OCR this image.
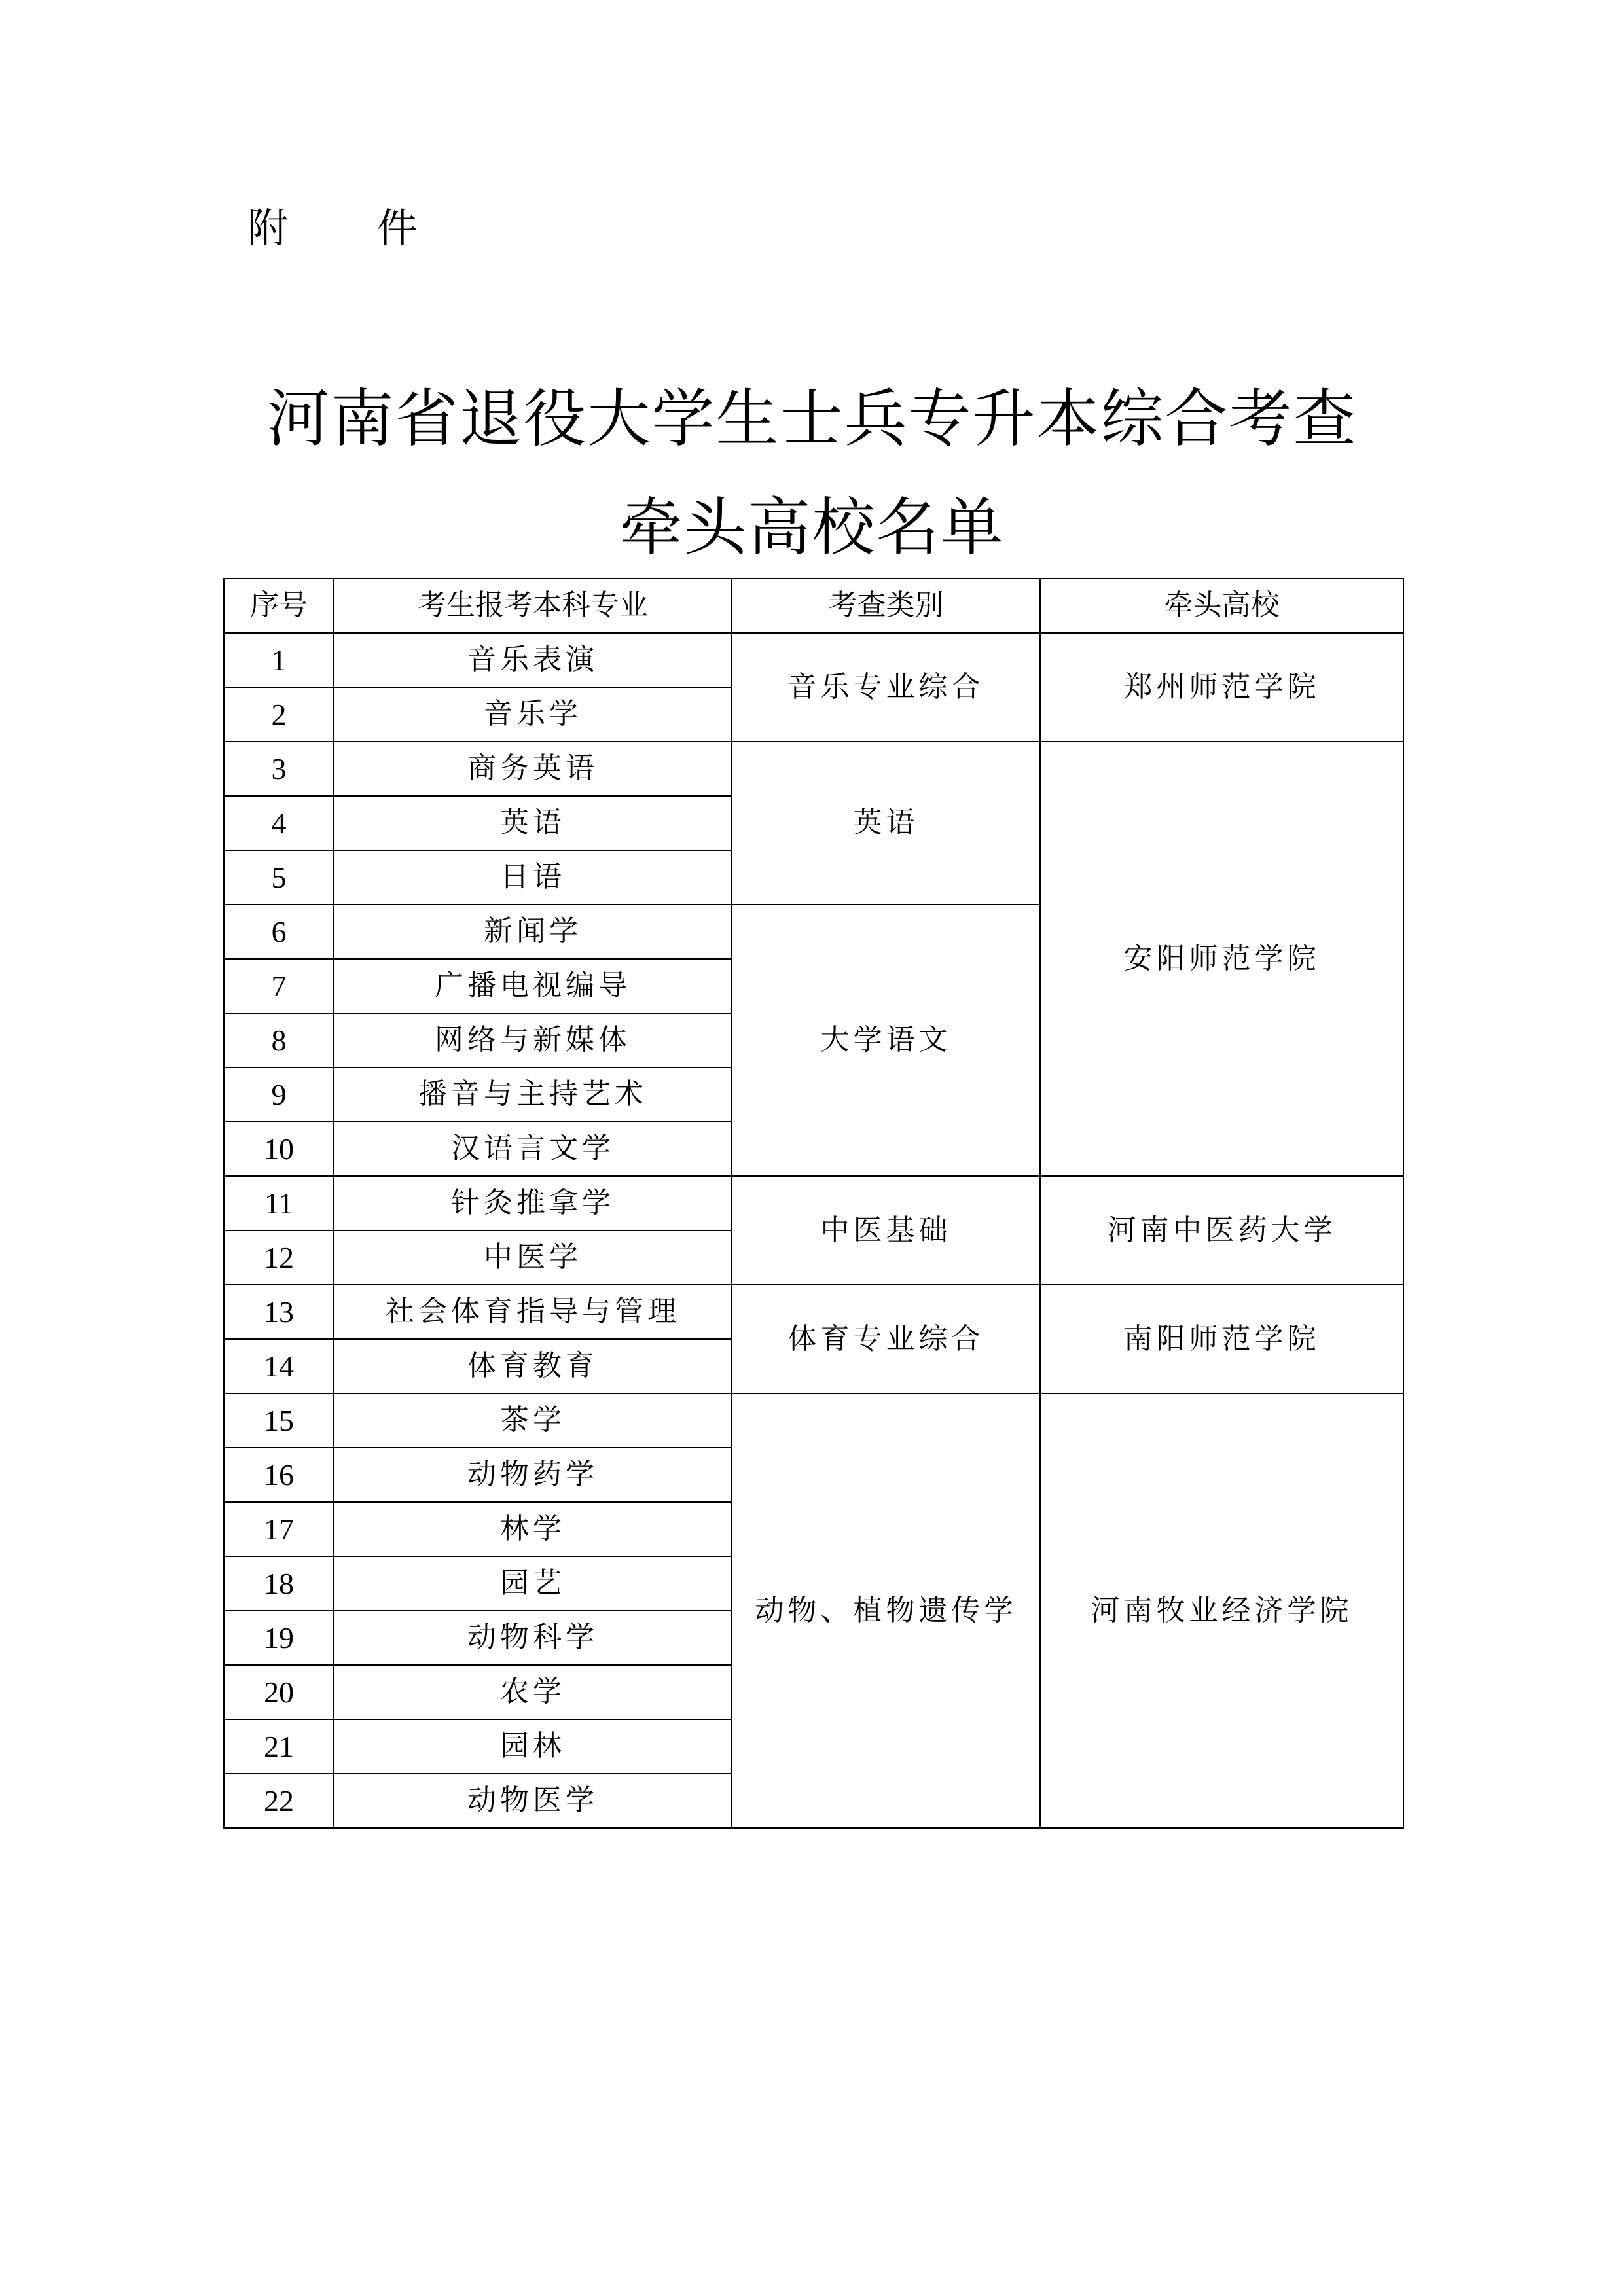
附 件
河南省退役大学生士兵专升本综合考查
牵头高校名单
序号	考生报考本科专业	考查类别	牵头高校
1	音乐表演	音乐专业综合	郑州师范学院
2	音乐学		
3	商务英语	英语	安阳师范学院
4	英语		
5	日语		
6	新闻学	大学语文	
7	广播电视编导		
8	网络与新媒体		
9	播音与主持艺术		
10	汉语言文学		
11	针灸推拿学	中医基础	河南中医药大学
12	中医学		
13	社会体育指导与管理	体育专业综合	南阳师范学院
14	体育教育		
15	茶学	动物、植物遗传学	河南牧业经济学院
16	动物药学		
17	林学		
18	园艺		
19	动物科学		
20	农学		
21	园林		
22	动物医学		
